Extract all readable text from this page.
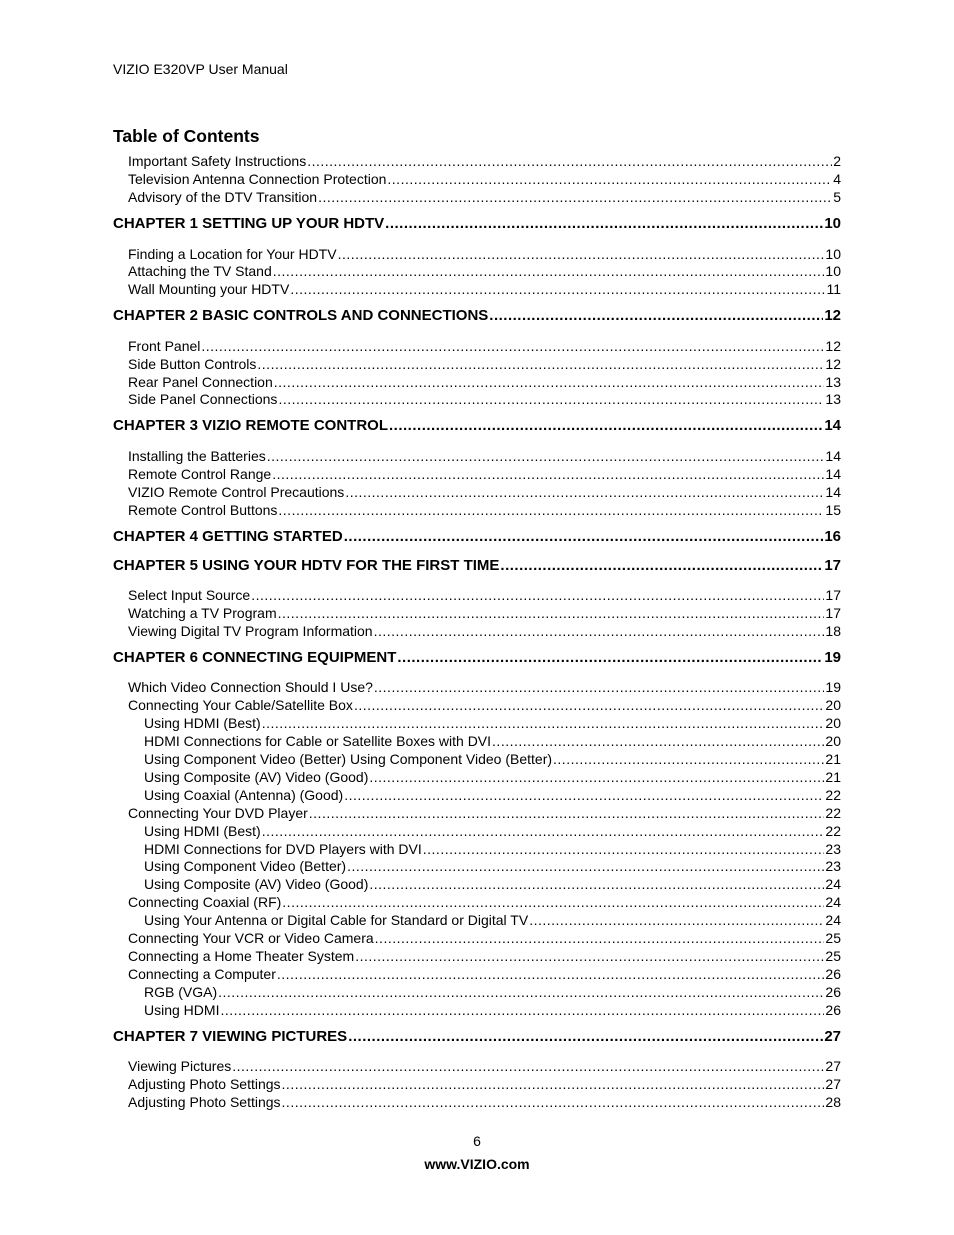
VIZIO E320VP User Manual
Table of Contents
Important Safety Instructions .....	2
Television Antenna Connection Protection .....	4
Advisory of the DTV Transition .....	5
CHAPTER 1 SETTING UP YOUR HDTV .....	10
Finding a Location for Your HDTV .....	10
Attaching the TV Stand .....	10
Wall Mounting your HDTV .....	11
CHAPTER 2 BASIC CONTROLS AND CONNECTIONS .....	12
Front Panel .....	12
Side Button Controls .....	12
Rear Panel Connection .....	13
Side Panel Connections .....	13
CHAPTER 3 VIZIO REMOTE CONTROL .....	14
Installing the Batteries .....	14
Remote Control Range .....	14
VIZIO Remote Control Precautions .....	14
Remote Control Buttons .....	15
CHAPTER 4 GETTING STARTED .....	16
CHAPTER 5 USING YOUR HDTV FOR THE FIRST TIME .....	17
Select Input Source .....	17
Watching a TV Program .....	17
Viewing Digital TV Program Information .....	18
CHAPTER 6 CONNECTING EQUIPMENT .....	19
Which Video Connection Should I Use? .....	19
Connecting Your Cable/Satellite Box .....	20
Using HDMI (Best) .....	20
HDMI Connections for Cable or Satellite Boxes with DVI .....	20
Using Component Video (Better) Using Component Video (Better) .....	21
Using Composite (AV) Video (Good) .....	21
Using Coaxial (Antenna) (Good) .....	22
Connecting Your DVD Player .....	22
Using HDMI (Best) .....	22
HDMI Connections for DVD Players with DVI .....	23
Using Component Video (Better) .....	23
Using Composite (AV) Video (Good) .....	24
Connecting Coaxial (RF) .....	24
Using Your Antenna or Digital Cable for Standard or Digital TV .....	24
Connecting Your VCR or Video Camera .....	25
Connecting a Home Theater System .....	25
Connecting a Computer .....	26
RGB (VGA) .....	26
Using HDMI .....	26
CHAPTER 7 VIEWING PICTURES .....	27
Viewing Pictures .....	27
Adjusting Photo Settings .....	27
Adjusting Photo Settings .....	28
6
www.VIZIO.com
